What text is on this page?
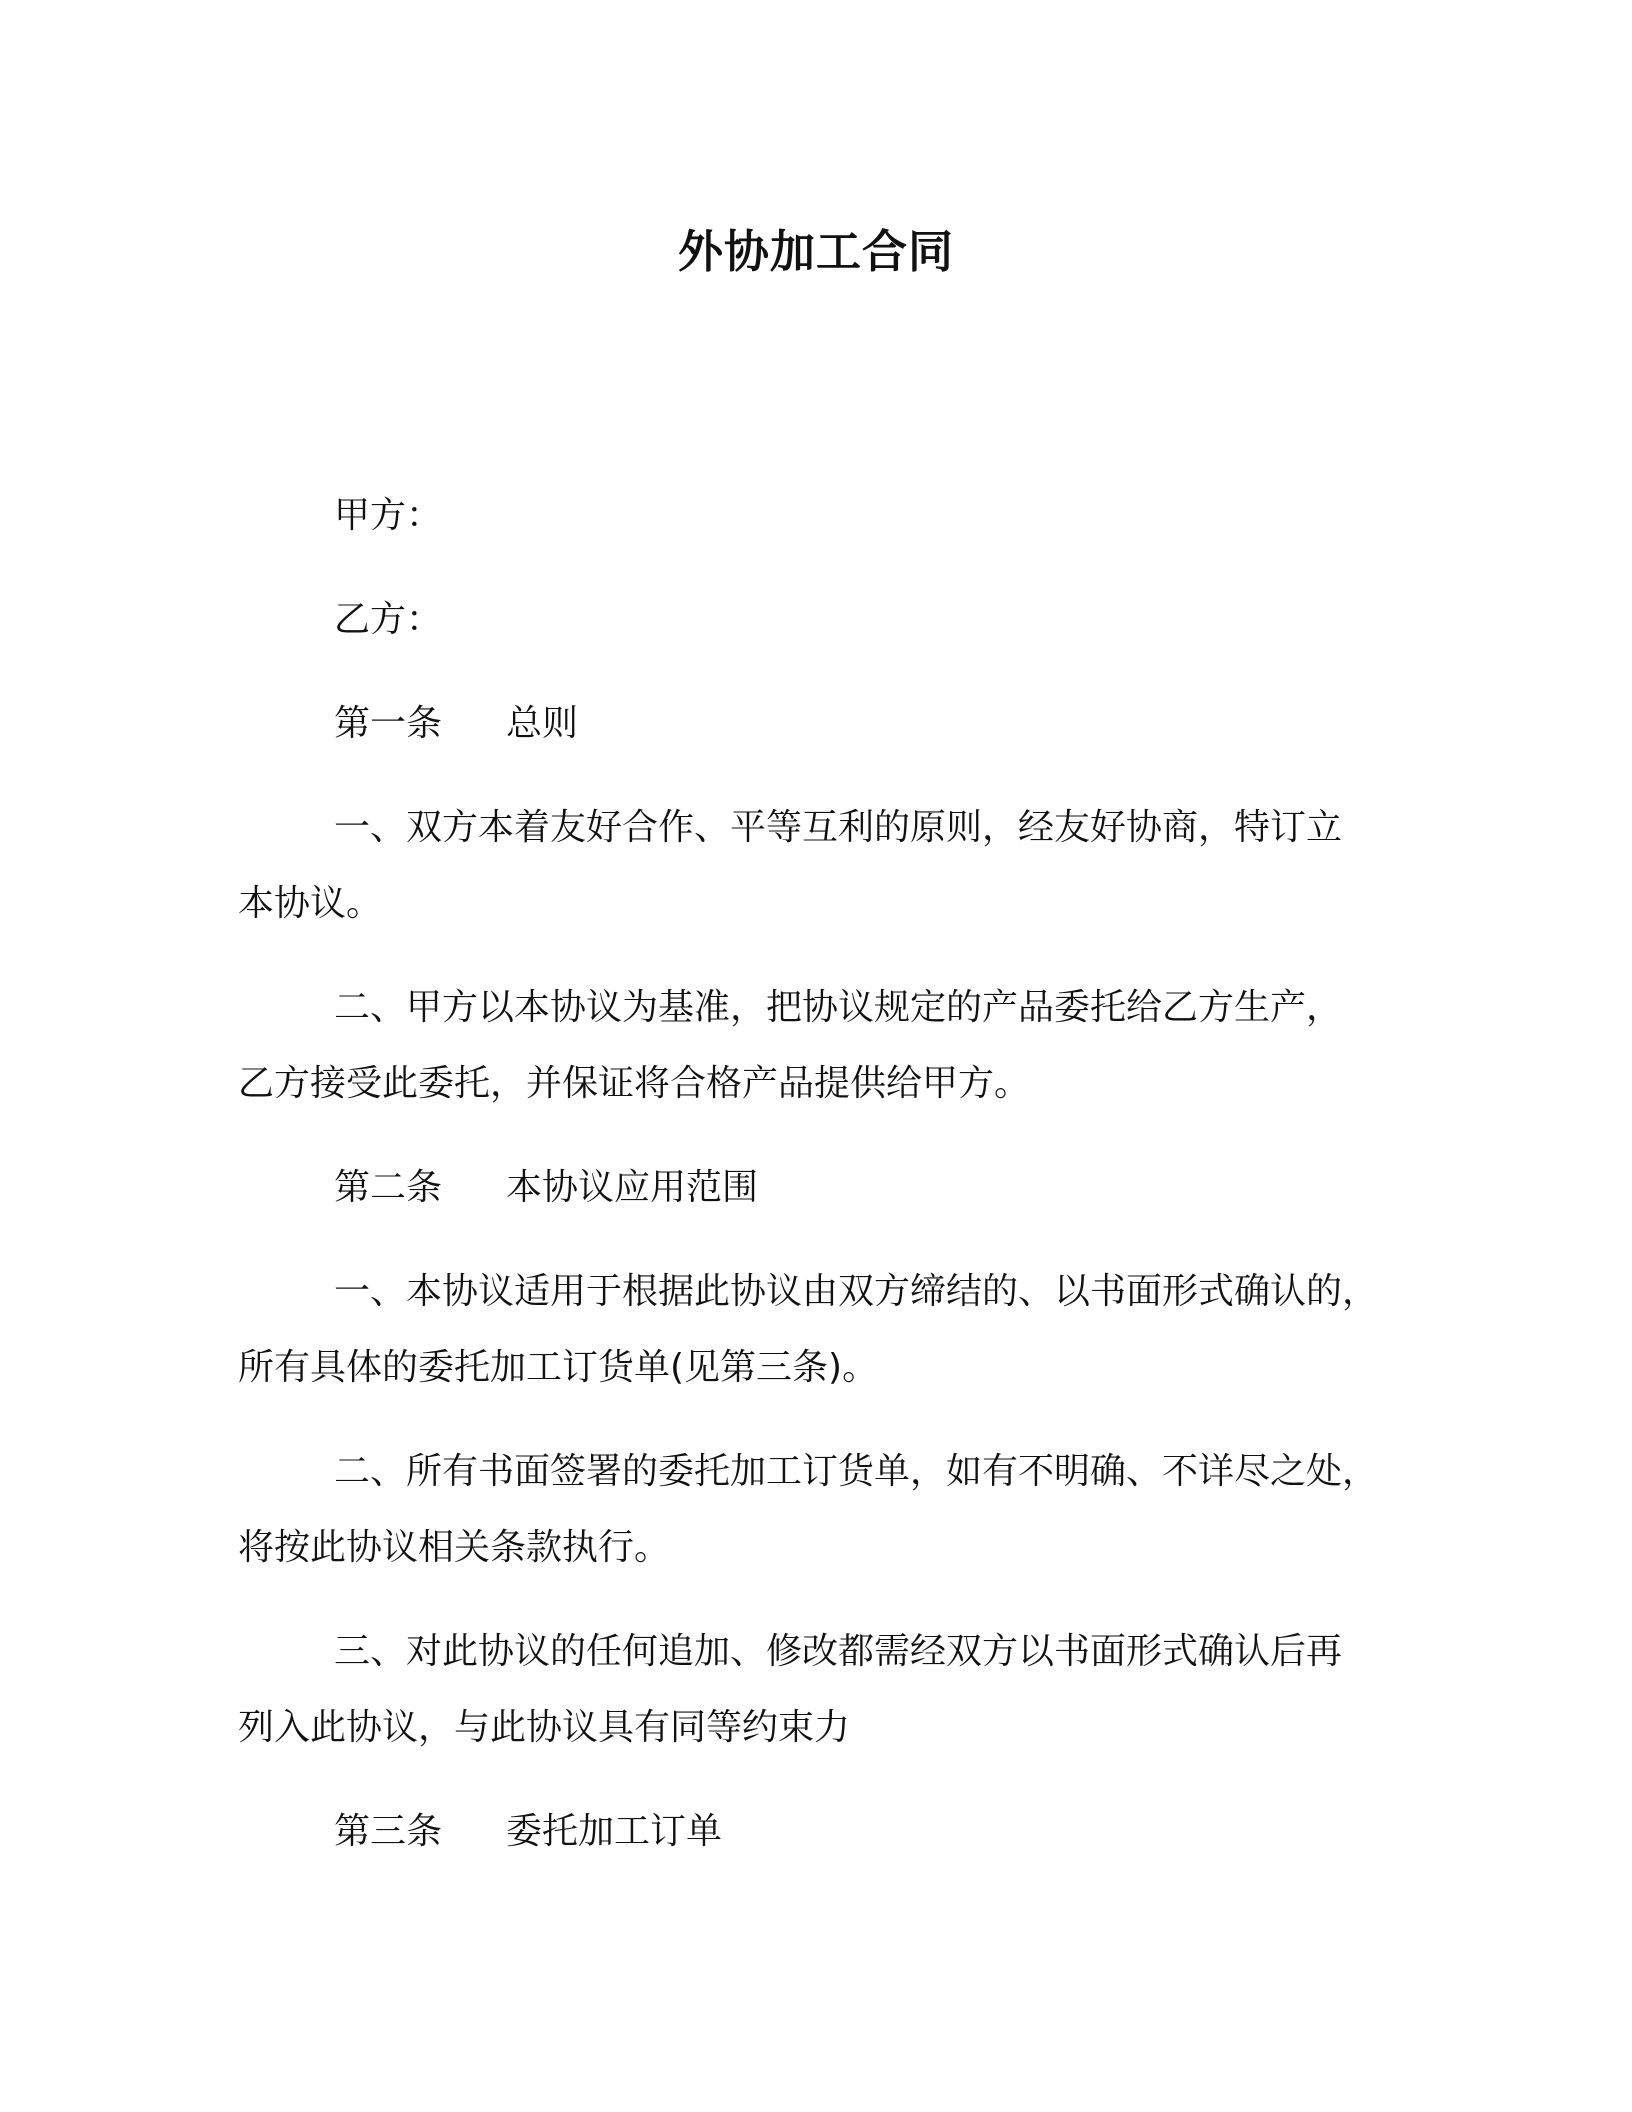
外协加工合同
甲方：
乙方：
第一条 总则
一、双方本着友好合作、平等互利的原则，经友好协商，特订立
本协议。
二、甲方以本协议为基准，把协议规定的产品委托给乙方生产，
乙方接受此委托，并保证将合格产品提供给甲方。
第二条 本协议应用范围
一、本协议适用于根据此协议由双方缔结的、以书面形式确认的，
所有具体的委托加工订货单(见第三条)。
二、所有书面签署的委托加工订货单，如有不明确、不详尽之处，
将按此协议相关条款执行。
三、对此协议的任何追加、修改都需经双方以书面形式确认后再
列入此协议，与此协议具有同等约束力
第三条 委托加工订单
